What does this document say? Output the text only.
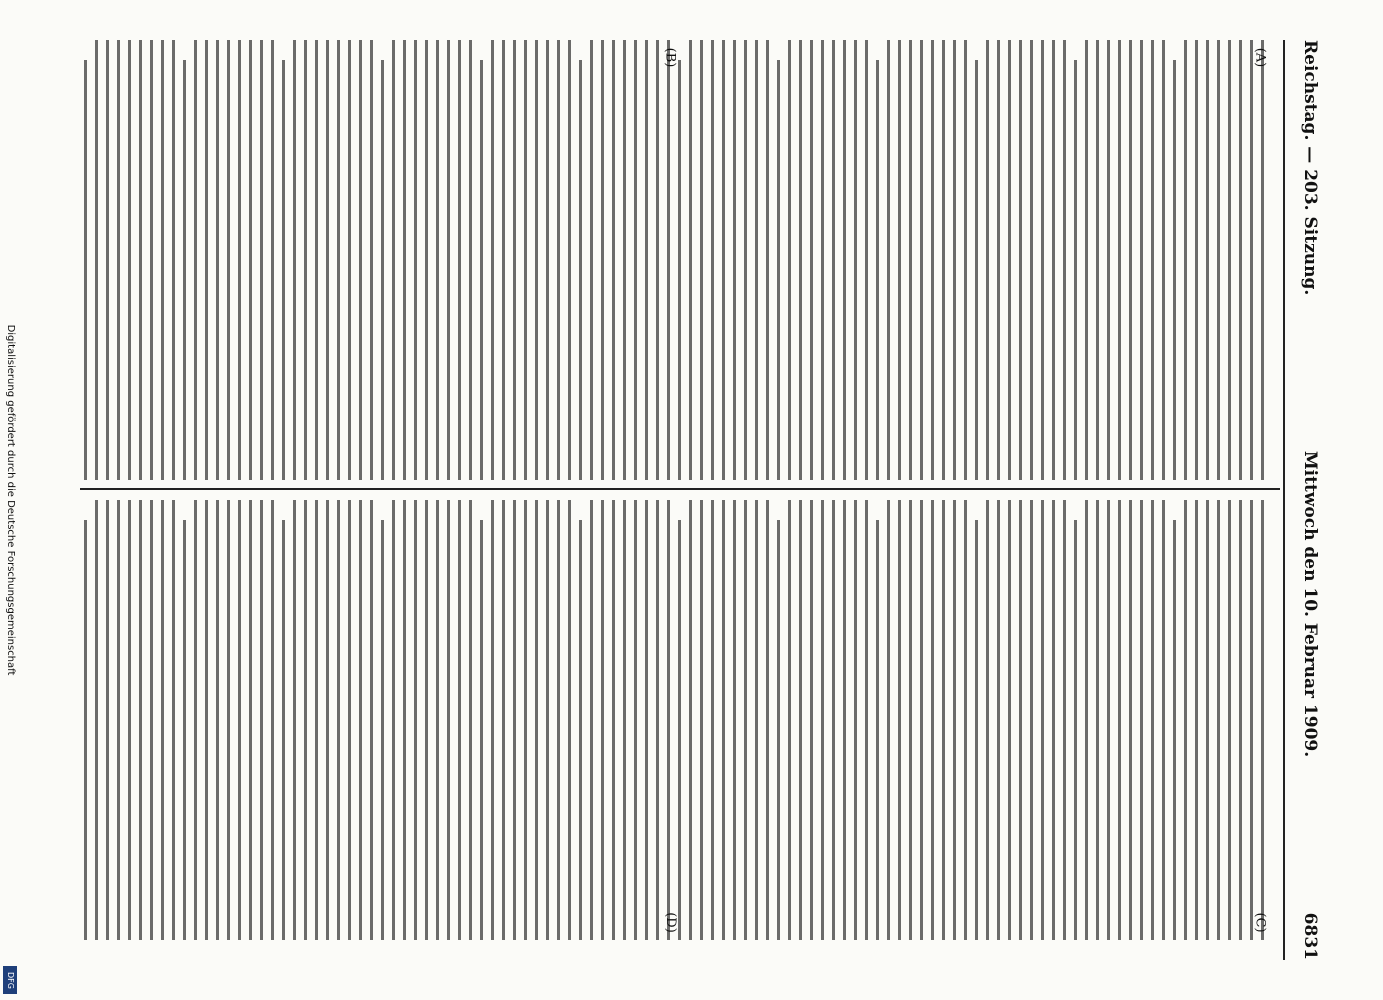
Reichstag. — 203. Sitzung.
Mittwoch den 10. Februar 1909.
6831
(A)
(B)
(C)
(D)
Digitalisierung gefördert durch die Deutsche Forschungsgemeinschaft
DFG
